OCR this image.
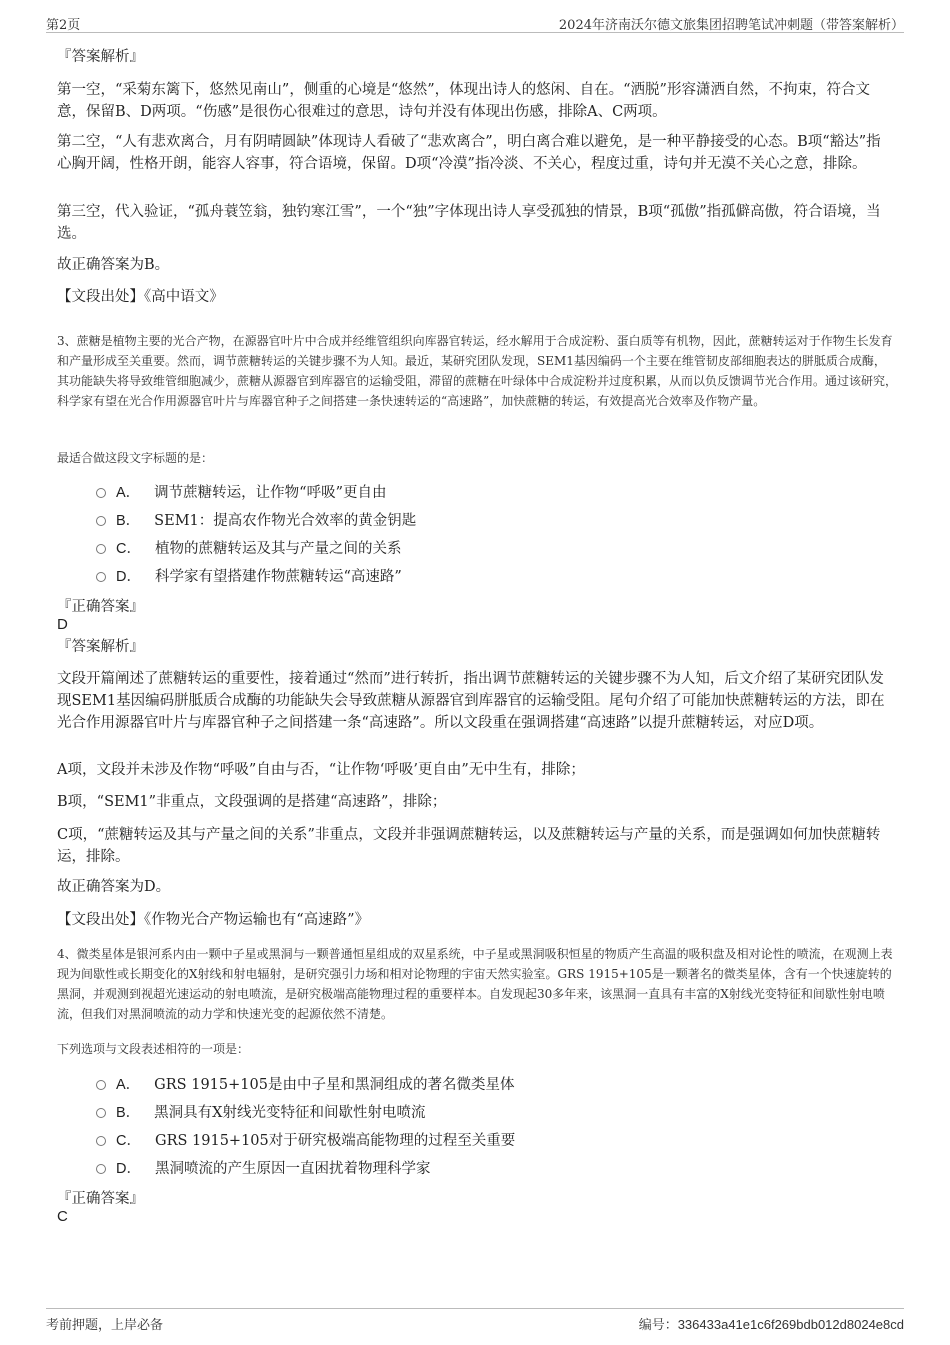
第2页	2024年济南沃尔德文旅集团招聘笔试冲刺题（带答案解析）
『答案解析』
第一空，“采菊东篱下，悠然见南山”，侧重的心境是“悠然”，体现出诗人的悠闲、自在。“洒脱”形容潇洒自然，不拘束，符合文意，保留B、D两项。“伤感”是很伤心很难过的意思，诗句并没有体现出伤感，排除A、C两项。
第二空，“人有悲欢离合，月有阴晴圆缺”体现诗人看破了“悲欢离合”，明白离合难以避免，是一种平静接受的心态。B项“豁达”指心胸开阔，性格开朗，能容人容事，符合语境，保留。D项“冷漠”指冷淡、不关心，程度过重，诗句并无漠不关心之意，排除。
第三空，代入验证，“孤舟蓑笠翁，独钓寒江雪”，一个“独”字体现出诗人享受孤独的情景，B项“孤傲”指孤僻高傲，符合语境，当选。
故正确答案为B。
【文段出处】《高中语文》
3、蔗糖是植物主要的光合产物，在源器官叶片中合成并经维管组织向库器官转运，经水解用于合成淀粉、蛋白质等有机物，因此，蔗糖转运对于作物生长发育和产量形成至关重要。然而，调节蔗糖转运的关键步骤不为人知。最近，某研究团队发现，SEM1基因编码一个主要在维管韧皮部细胞表达的胼胝质合成酶，其功能缺失将导致维管细胞减少，蔗糖从源器官到库器官的运输受阻，滞留的蔗糖在叶绿体中合成淀粉并过度积累，从而以负反馈调节光合作用。通过该研究，科学家有望在光合作用源器官叶片与库器官种子之间搭建一条快速转运的“高速路”，加快蔗糖的转运，有效提高光合效率及作物产量。
最适合做这段文字标题的是：
A． 调节蔗糖转运，让作物“呼吸”更自由
B． SEM1：提高农作物光合效率的黄金钥匙
C． 植物的蔗糖转运及其与产量之间的关系
D． 科学家有望搭建作物蔗糖转运“高速路”
『正确答案』
D
『答案解析』
文段开篇阐述了蔗糖转运的重要性，接着通过“然而”进行转折，指出调节蔗糖转运的关键步骤不为人知，后文介绍了某研究团队发现SEM1基因编码胼胝质合成酶的功能缺失会导致蔗糖从源器官到库器官的运输受阻。尾句介绍了可能加快蔗糖转运的方法，即在光合作用源器官叶片与库器官种子之间搭建一条“高速路”。所以文段重在强调搭建“高速路”以提升蔗糖转运，对应D项。
A项，文段并未涉及作物“呼吸”自由与否，“让作物‘呼吸’更自由”无中生有，排除；
B项，“SEM1”非重点，文段强调的是搭建“高速路”，排除；
C项，“蔗糖转运及其与产量之间的关系”非重点，文段并非强调蔗糖转运，以及蔗糖转运与产量的关系，而是强调如何加快蔗糖转运，排除。
故正确答案为D。
【文段出处】《作物光合产物运输也有“高速路”》
4、微类星体是银河系内由一颗中子星或黑洞与一颗普通恒星组成的双星系统，中子星或黑洞吸积恒星的物质产生高温的吸积盘及相对论性的喷流，在观测上表现为间歇性或长期变化的X射线和射电辐射，是研究强引力场和相对论物理的宇宙天然实验室。GRS 1915+105是一颗著名的微类星体，含有一个快速旋转的黑洞，并观测到视超光速运动的射电喷流，是研究极端高能物理过程的重要样本。自发现起30多年来，该黑洞一直具有丰富的X射线光变特征和间歇性射电喷流，但我们对黑洞喷流的动力学和快速光变的起源依然不清楚。
下列选项与文段表述相符的一项是：
A． GRS 1915+105是由中子星和黑洞组成的著名微类星体
B． 黑洞具有X射线光变特征和间歇性射电喷流
C． GRS 1915+105对于研究极端高能物理的过程至关重要
D． 黑洞喷流的产生原因一直困扰着物理科学家
『正确答案』
C
考前押题，上岸必备	编号：336433a41e1c6f269bdb012d8024e8cd
